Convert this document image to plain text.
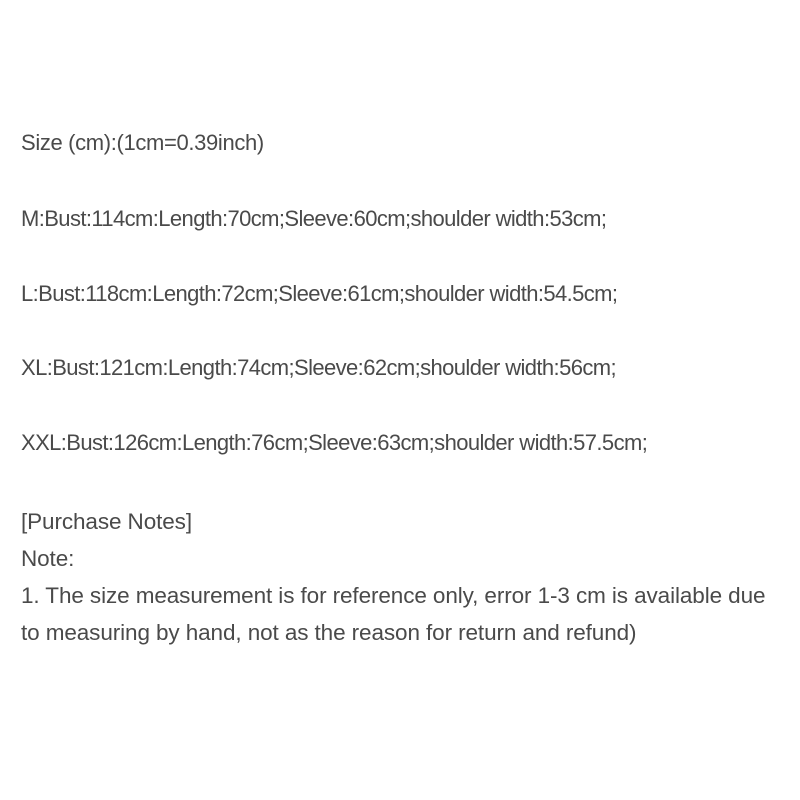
Size (cm):(1cm=0.39inch)
M:Bust:114cm:Length:70cm;Sleeve:60cm;shoulder width:53cm;
L:Bust:118cm:Length:72cm;Sleeve:61cm;shoulder width:54.5cm;
XL:Bust:121cm:Length:74cm;Sleeve:62cm;shoulder width:56cm;
XXL:Bust:126cm:Length:76cm;Sleeve:63cm;shoulder width:57.5cm;
[Purchase Notes]
Note:
1. The size measurement is for reference only, error 1-3 cm is available due to measuring by hand, not as the reason for return and refund)
